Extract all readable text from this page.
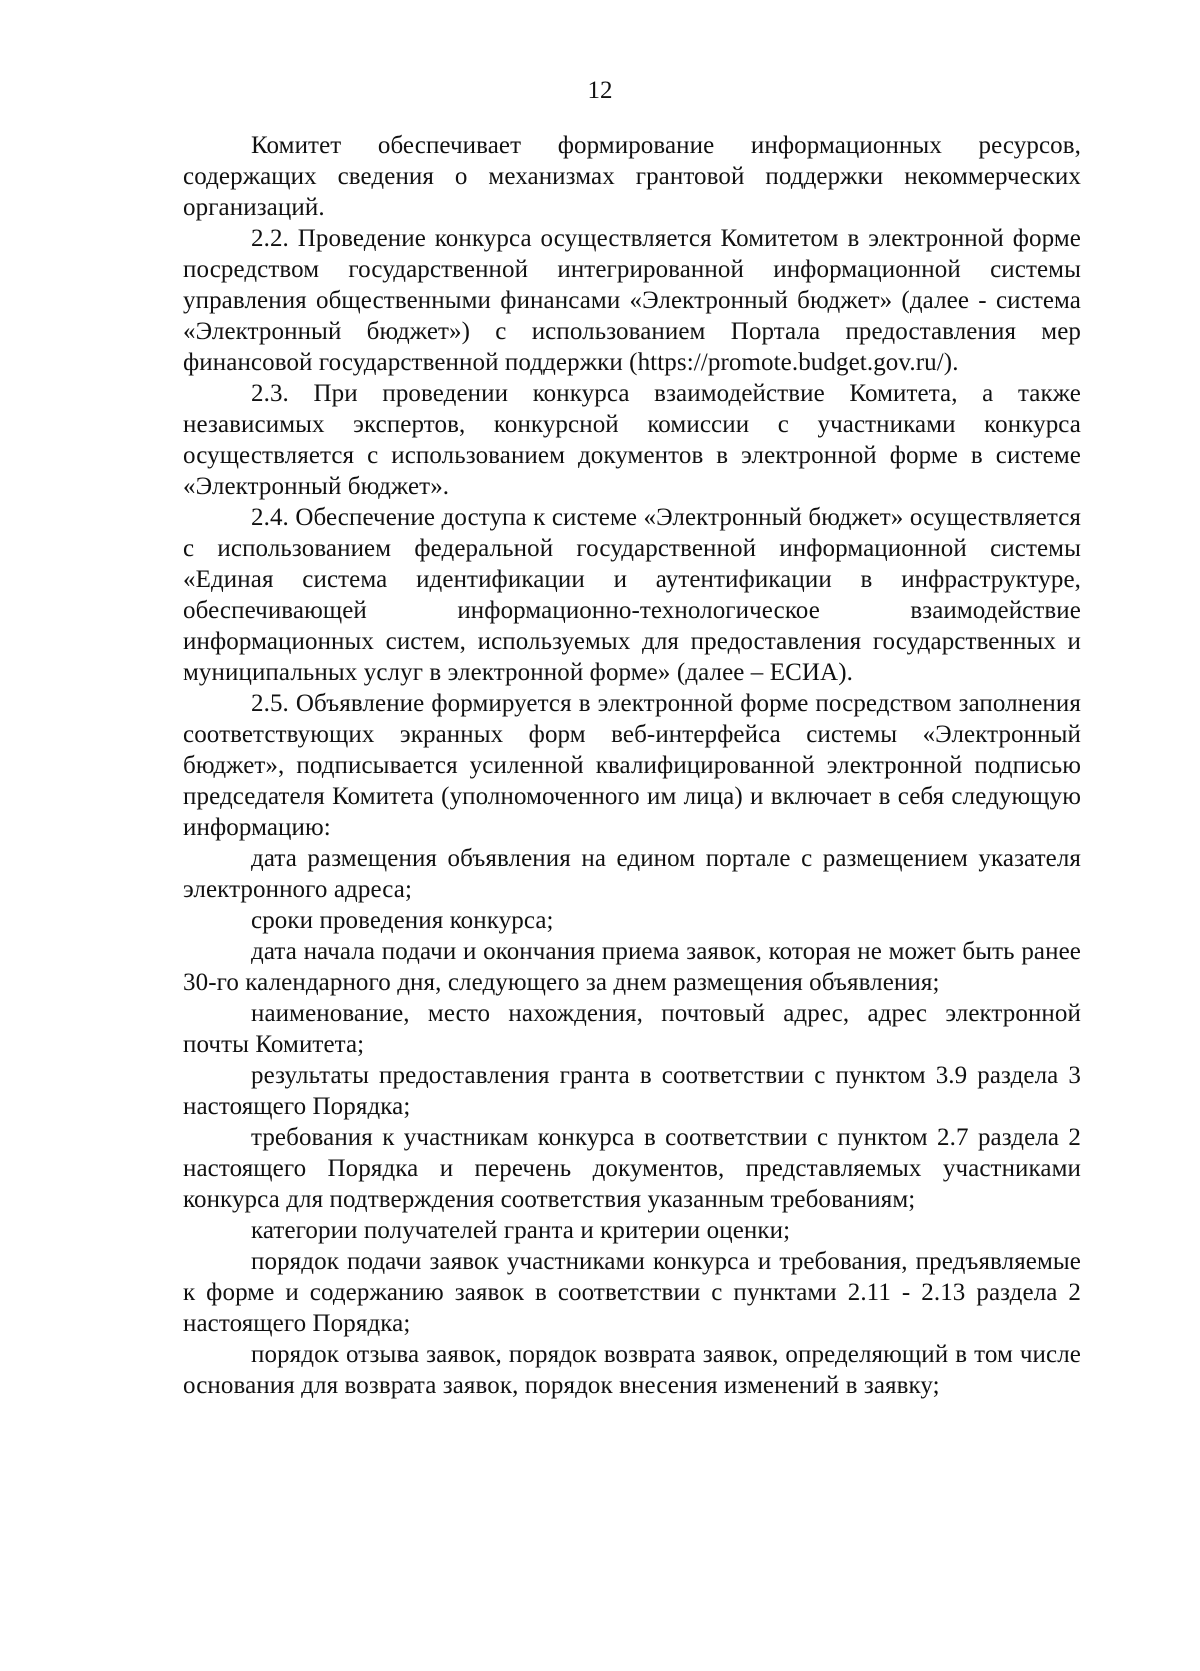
12

Комитет обеспечивает формирование информационных ресурсов, содержащих сведения о механизмах грантовой поддержки некоммерческих организаций.

2.2. Проведение конкурса осуществляется Комитетом в электронной форме посредством государственной интегрированной информационной системы управления общественными финансами «Электронный бюджет» (далее - система «Электронный бюджет») с использованием Портала предоставления мер финансовой государственной поддержки (https://promote.budget.gov.ru/).

2.3. При проведении конкурса взаимодействие Комитета, а также независимых экспертов, конкурсной комиссии с участниками конкурса осуществляется с использованием документов в электронной форме в системе «Электронный бюджет».

2.4. Обеспечение доступа к системе «Электронный бюджет» осуществляется с использованием федеральной государственной информационной системы «Единая система идентификации и аутентификации в инфраструктуре, обеспечивающей информационно-технологическое взаимодействие информационных систем, используемых для предоставления государственных и муниципальных услуг в электронной форме» (далее – ЕСИА).

2.5. Объявление формируется в электронной форме посредством заполнения соответствующих экранных форм веб-интерфейса системы «Электронный бюджет», подписывается усиленной квалифицированной электронной подписью председателя Комитета (уполномоченного им лица) и включает в себя следующую информацию:

дата размещения объявления на едином портале с размещением указателя электронного адреса;

сроки проведения конкурса;

дата начала подачи и окончания приема заявок, которая не может быть ранее 30-го календарного дня, следующего за днем размещения объявления;

наименование, место нахождения, почтовый адрес, адрес электронной почты Комитета;

результаты предоставления гранта в соответствии с пунктом 3.9 раздела 3 настоящего Порядка;

требования к участникам конкурса в соответствии с пунктом 2.7 раздела 2 настоящего Порядка и перечень документов, представляемых участниками конкурса для подтверждения соответствия указанным требованиям;

категории получателей гранта и критерии оценки;

порядок подачи заявок участниками конкурса и требования, предъявляемые к форме и содержанию заявок в соответствии с пунктами 2.11 - 2.13 раздела 2 настоящего Порядка;

порядок отзыва заявок, порядок возврата заявок, определяющий в том числе основания для возврата заявок, порядок внесения изменений в заявку;
